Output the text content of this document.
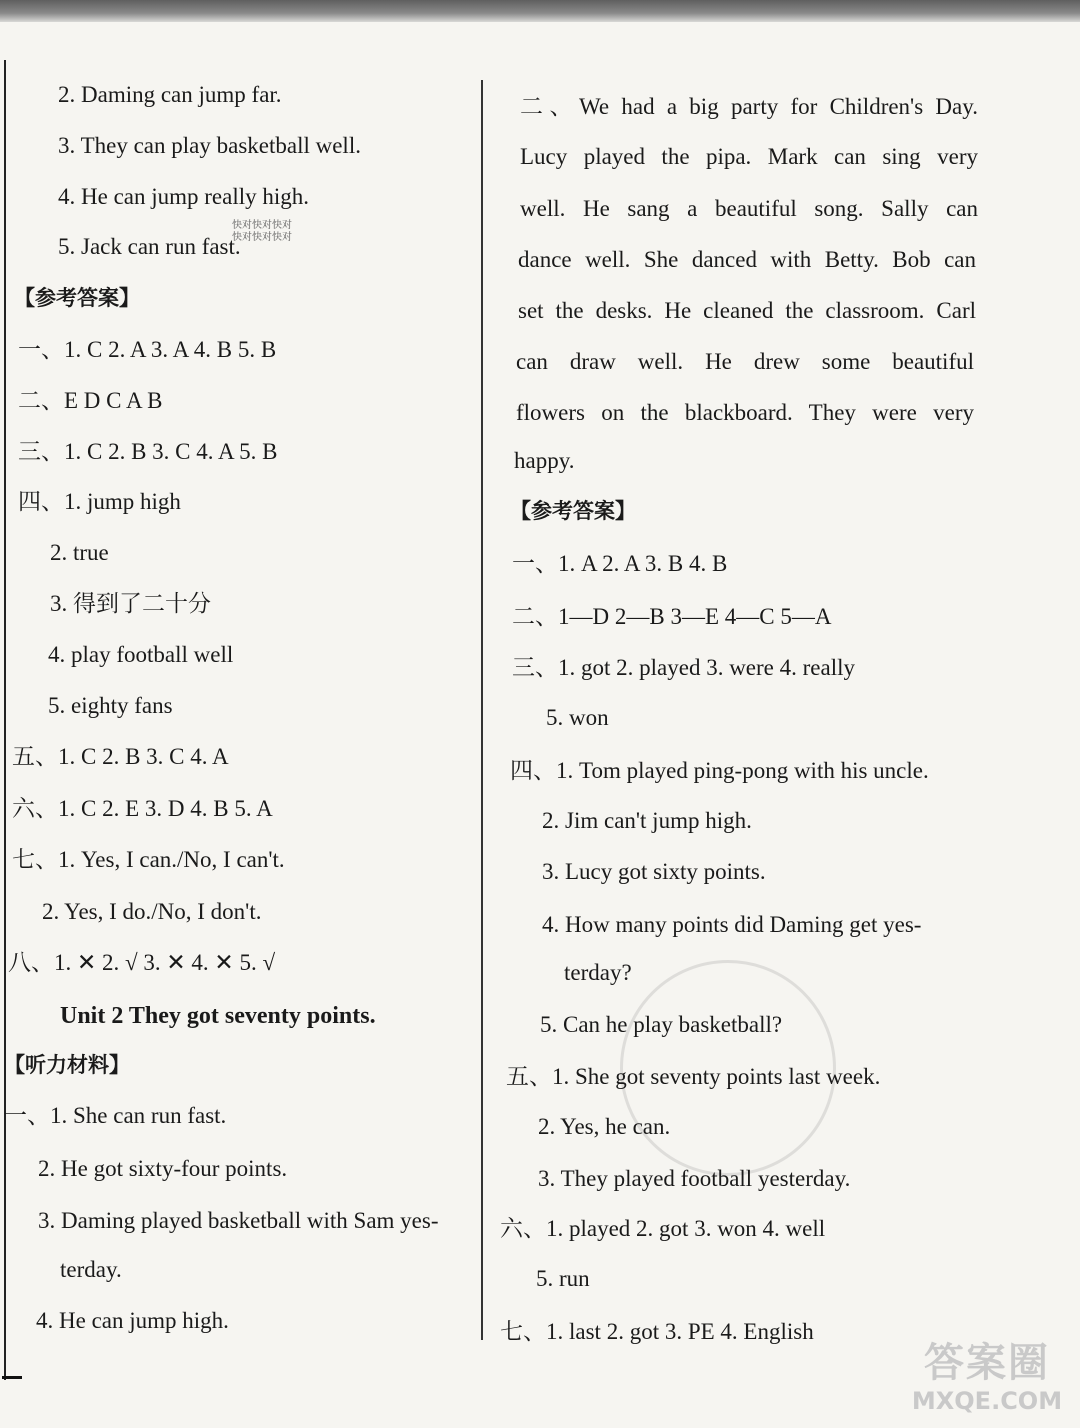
快对快对快对
快对快对快对
2. Daming can jump far.
3. They can play basketball well.
4. He can jump really high.
5. Jack can run fast.
【参考答案】
一、1. C 2. A 3. A 4. B 5. B
二、E D C A B
三、1. C 2. B 3. C 4. A 5. B
四、1. jump high
2. true
3. 得到了二十分
4. play football well
5. eighty fans
五、1. C 2. B 3. C 4. A
六、1. C 2. E 3. D 4. B 5. A
七、1. Yes, I can./No, I can't.
2. Yes, I do./No, I don't.
八、1. ✕ 2. √ 3. ✕ 4. ✕ 5. √
Unit 2 They got seventy points.
【听力材料】
一、1. She can run fast.
2. He got sixty-four points.
3. Daming played basketball with Sam yes-
terday.
4. He can jump high.
二、We had a big party for Children's Day.
Lucy played the pipa. Mark can sing very
well. He sang a beautiful song. Sally can
dance well. She danced with Betty. Bob can
set the desks. He cleaned the classroom. Carl
can draw well. He drew some beautiful
flowers on the blackboard. They were very
happy.
【参考答案】
一、1. A 2. A 3. B 4. B
二、1—D 2—B 3—E 4—C 5—A
三、1. got 2. played 3. were 4. really
5. won
四、1. Tom played ping-pong with his uncle.
2. Jim can't jump high.
3. Lucy got sixty points.
4. How many points did Daming get yes-
terday?
5. Can he play basketball?
五、1. She got seventy points last week.
2. Yes, he can.
3. They played football yesterday.
六、1. played 2. got 3. won 4. well
5. run
七、1. last 2. got 3. PE 4. English
答案圈
MXQE.COM
